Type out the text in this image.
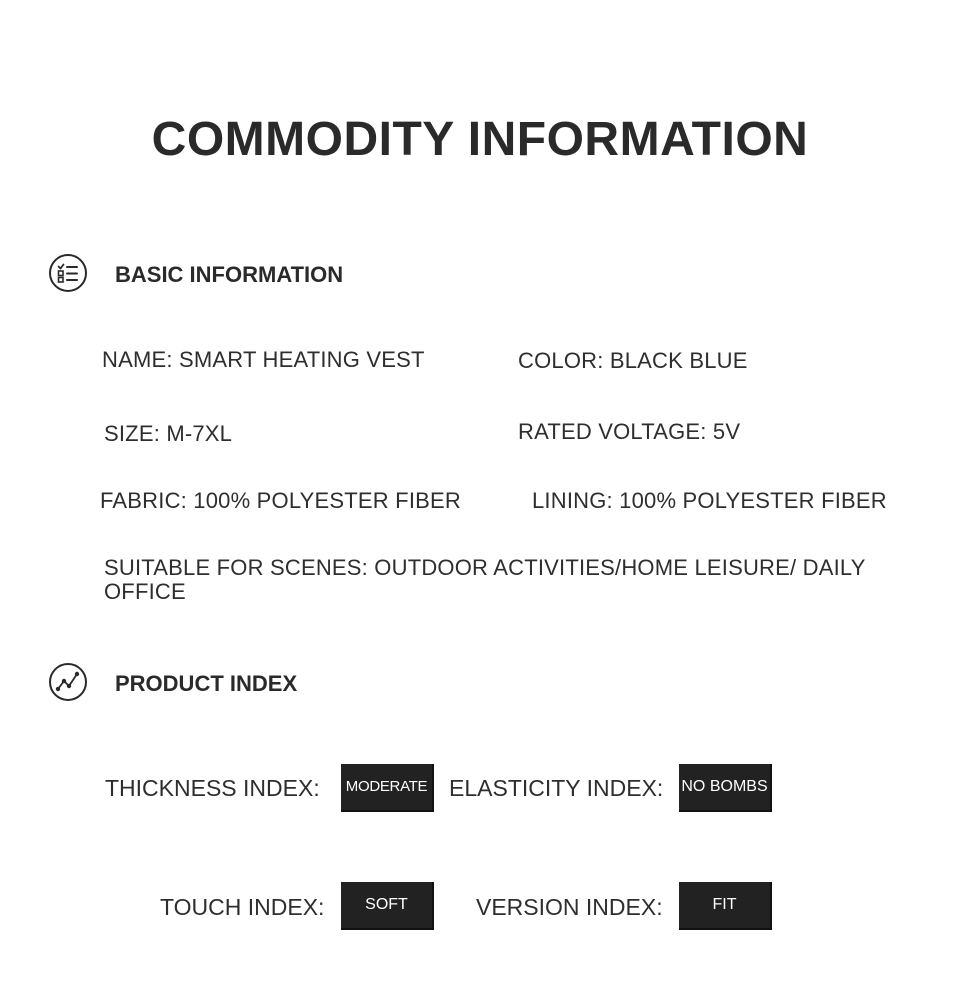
COMMODITY INFORMATION
BASIC INFORMATION
NAME: SMART HEATING VEST	COLOR: BLACK BLUE
SIZE: M-7XL	RATED VOLTAGE: 5V
FABRIC: 100% POLYESTER FIBER	LINING: 100% POLYESTER FIBER
SUITABLE FOR SCENES: OUTDOOR ACTIVITIES/HOME LEISURE/ DAILY OFFICE
PRODUCT INDEX
THICKNESS INDEX:	MODERATE ELASTICITY INDEX: NO BOMBS
TOUCH INDEX:	SOFT	VERSION INDEX:	FIT
